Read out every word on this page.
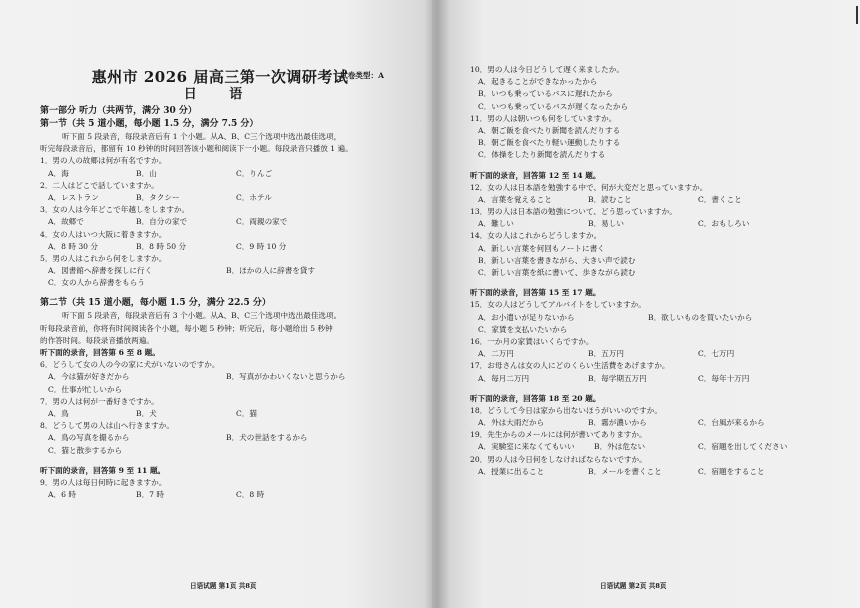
试卷类型：A
惠州市 2026 届高三第一次调研考试
日 语
第一部分 听力（共两节，满分 30 分）
第一节（共 5 道小题，每小题 1.5 分，满分 7.5 分）
听下面 5 段录音，每段录音后有 1 个小题。从A、B、C三个选项中选出最佳选项，
听完每段录音后，都留有 10 秒钟的时间回答该小题和阅读下一小题。每段录音只播放 1 遍。
1．男の人の故郷は何が有名ですか。
A．海	B．山	C．りんご
2．二人はどこで話していますか。
A．レストラン	B．タクシー	C．ホテル
3．女の人は今年どこで年越しをしますか。
A．故郷で	B．自分の家で	C．両親の家で
4．女の人はいつ大阪に着きますか。
A．8 時 30 分	B．8 時 50 分	C．9 時 10 分
5．男の人はこれから何をしますか。
A．図書館へ辞書を探しに行く	B．ほかの人に辞書を貸す
C．女の人から辞書をもらう
第二节（共 15 道小题，每小题 1.5 分，满分 22.5 分）
听下面 5 段录音，每段录音后有 3 个小题。从A、B、C三个选项中选出最佳选项。
听每段录音前，你将有时间阅读各个小题，每小题 5 秒钟；听完后，每小题给出 5 秒钟
的作答时间。每段录音播放两遍。
听下面的录音，回答第 6 至 8 题。
6．どうして女の人の今の家に犬がいないのですか。
A．今は猫が好きだから	B．写真がかわいくないと思うから
C．仕事が忙しいから
7．男の人は何が一番好きですか。
A．鳥	B．犬	C．猫
8．どうして男の人は山へ行きますか。
A．鳥の写真を撮るから	B．犬の世話をするから
C．猫と散歩するから
听下面的录音，回答第 9 至 11 题。
9．男の人は毎日何時に起きますか。
A．6 時	B．7 時	C．8 時
日语试题 第1页 共8页
10．男の人は今日どうして遅く来ましたか。
A．起きることができなかったから
B．いつも乗っているバスに遅れたから
C．いつも乗っているバスが遅くなったから
11．男の人は朝いつも何をしていますか。
A．朝ご飯を食べたり新聞を読んだりする
B．朝ご飯を食べたり軽い運動したりする
C．体操をしたり新聞を読んだりする
听下面的录音，回答第 12 至 14 题。
12．女の人は日本語を勉強する中で、何が大変だと思っていますか。
A．言葉を覚えること	B．読むこと	C．書くこと
13．男の人は日本語の勉強について、どう思っていますか。
A．難しい	B．易しい	C．おもしろい
14．女の人はこれからどうしますか。
A．新しい言葉を何回もノートに書く
B．新しい言葉を書きながら、大きい声で読む
C．新しい言葉を紙に書いて、歩きながら読む
听下面的录音，回答第 15 至 17 题。
15．女の人はどうしてアルバイトをしていますか。
A．お小遣いが足りないから	B．欲しいものを買いたいから
C．家賃を支払いたいから
16．一か月の家賃はいくらですか。
A．二万円	B．五万円	C．七万円
17．お母さんは女の人にどのくらい生活費をあげますか。
A．毎月二万円	B．毎学期五万円	C．毎年十万円
听下面的录音，回答第 18 至 20 题。
18．どうして今日は家から出ないほうがいいのですか。
A．外は大雨だから	B．霧が濃いから	C．台風が来るから
19．先生からのメールには何が書いてありますか。
A．実験室に来なくてもいい	B．外は危ない	C．宿題を出してください
20．男の人は今日何をしなければならないですか。
A．授業に出ること	B．メールを書くこと	C．宿題をすること
日语试题 第2页 共8页
